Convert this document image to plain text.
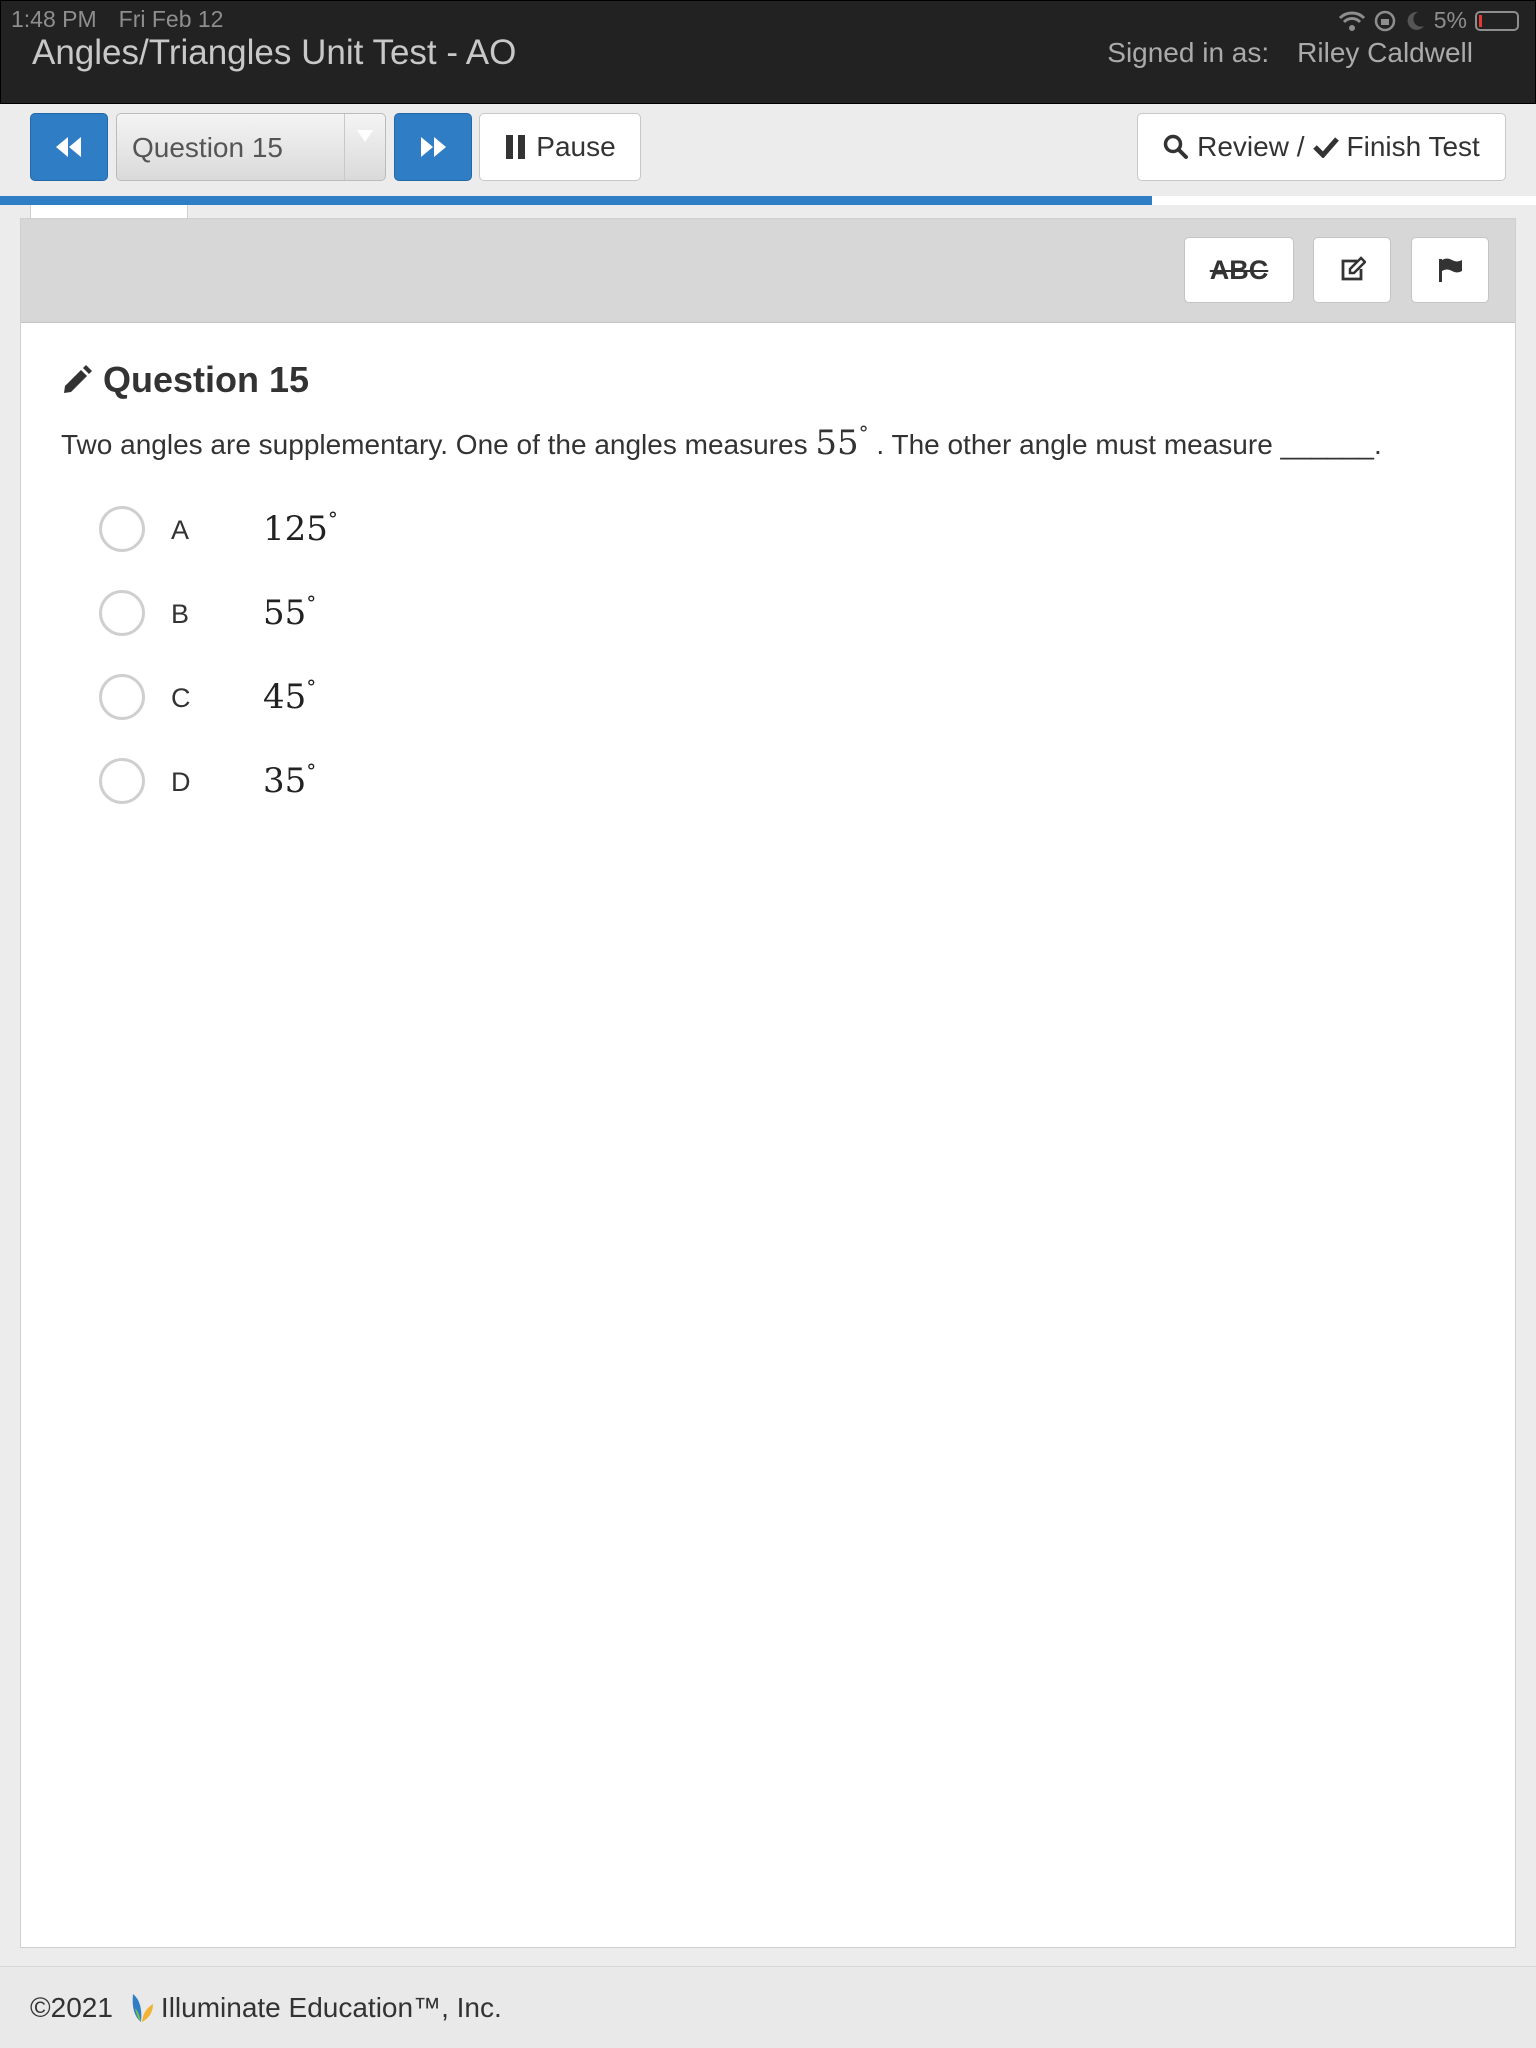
1:48 PM Fri Feb 12	5%
Angles/Triangles Unit Test - AO	Signed in as: Riley Caldwell
Question 15	Pause	Review / Finish Test
ABC
Question 15
Two angles are supplementary. One of the angles measures 55° . The other angle must measure ______.
A 125°
B 55°
C 45°
D 35°
©2021 Illuminate Education™, Inc.
